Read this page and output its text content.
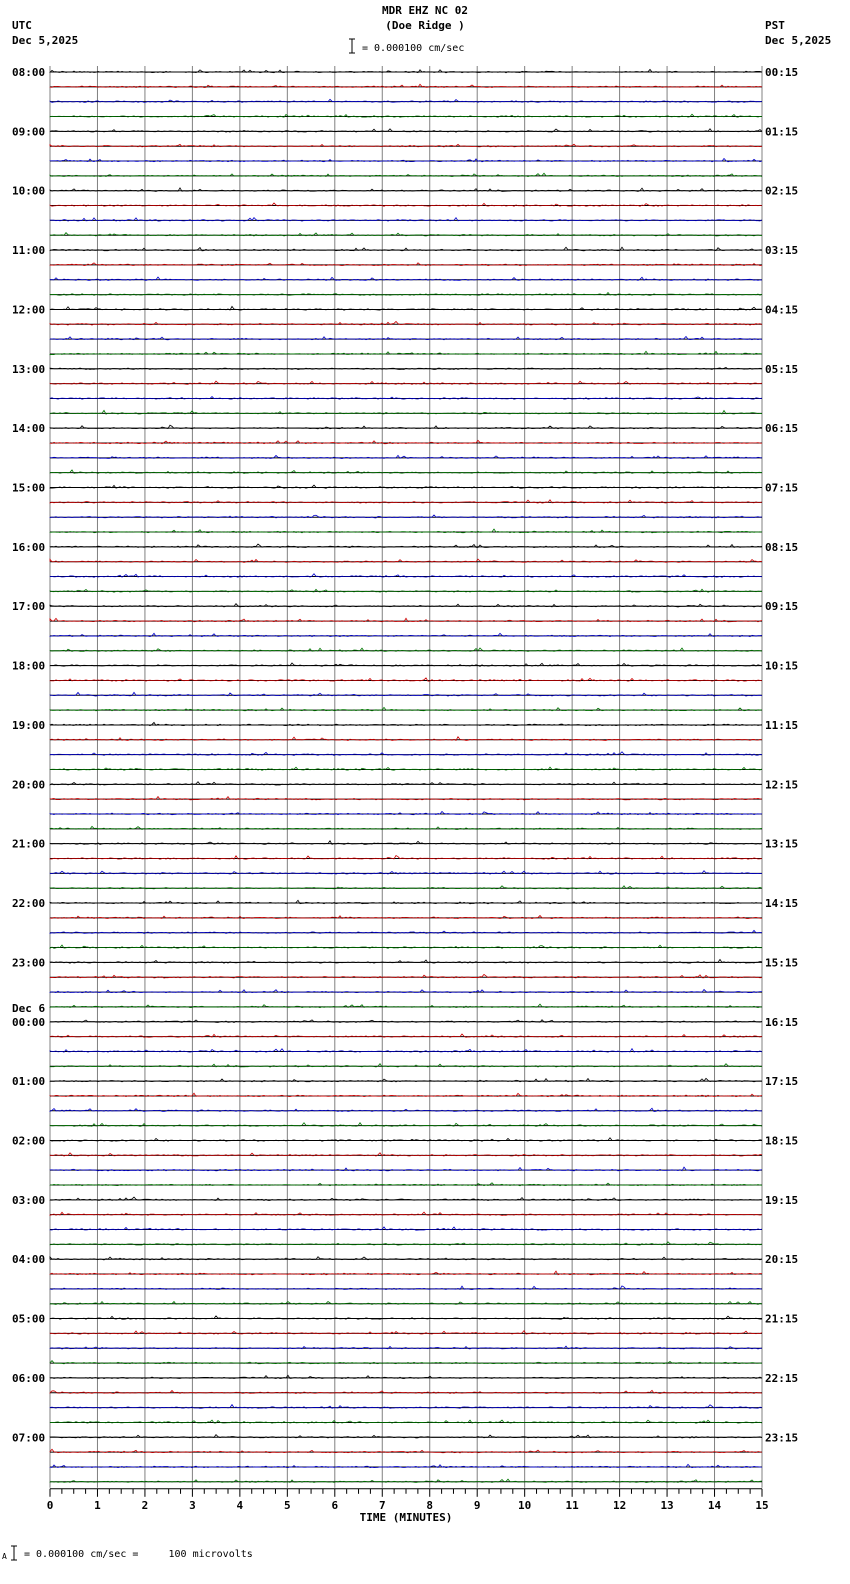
MDR EHZ NC 02
(Doe Ridge )
UTC
Dec 5,2025
PST
Dec 5,2025
= 0.000100 cm/sec
A = 0.000100 cm/sec =     100 microvolts
08:00	00:15
09:00	01:15
10:00	02:15
11:00	03:15
12:00	04:15
13:00	05:15
14:00	06:15
15:00	07:15
16:00	08:15
17:00	09:15
18:00	10:15
19:00	11:15
20:00	12:15
21:00	13:15
22:00	14:15
23:00	15:15
00:00	16:15
01:00	17:15
02:00	18:15
03:00	19:15
04:00	20:15
05:00	21:15
06:00	22:15
07:00	23:15
Dec 6
0	1	2	3	4	5	6	7	8	9	10	11	12	13	14	15
TIME (MINUTES)
